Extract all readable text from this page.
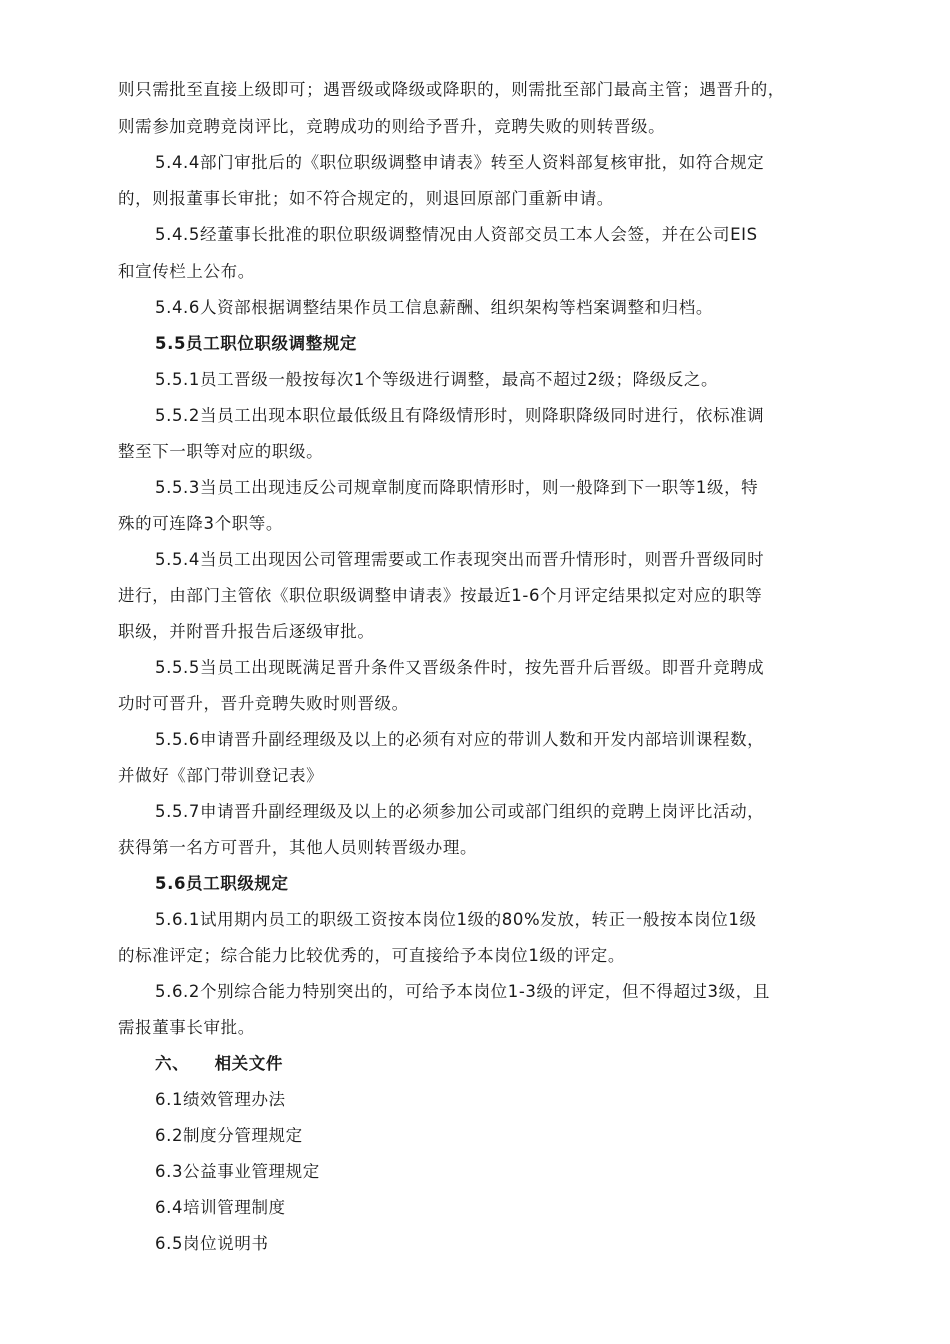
则只需批至直接上级即可；遇晋级或降级或降职的，则需批至部门最高主管；遇晋升的，
则需参加竞聘竞岗评比，竞聘成功的则给予晋升，竞聘失败的则转晋级。
5.4.4部门审批后的《职位职级调整申请表》转至人资料部复核审批，如符合规定
的，则报董事长审批；如不符合规定的，则退回原部门重新申请。
5.4.5经董事长批准的职位职级调整情况由人资部交员工本人会签，并在公司EIS
和宣传栏上公布。
5.4.6人资部根据调整结果作员工信息薪酬、组织架构等档案调整和归档。
5.5员工职位职级调整规定
5.5.1员工晋级一般按每次1个等级进行调整，最高不超过2级；降级反之。
5.5.2当员工出现本职位最低级且有降级情形时，则降职降级同时进行，依标准调
整至下一职等对应的职级。
5.5.3当员工出现违反公司规章制度而降职情形时，则一般降到下一职等1级，特
殊的可连降3个职等。
5.5.4当员工出现因公司管理需要或工作表现突出而晋升情形时，则晋升晋级同时
进行，由部门主管依《职位职级调整申请表》按最近1-6个月评定结果拟定对应的职等
职级，并附晋升报告后逐级审批。
5.5.5当员工出现既满足晋升条件又晋级条件时，按先晋升后晋级。即晋升竞聘成
功时可晋升，晋升竞聘失败时则晋级。
5.5.6申请晋升副经理级及以上的必须有对应的带训人数和开发内部培训课程数，
并做好《部门带训登记表》
5.5.7申请晋升副经理级及以上的必须参加公司或部门组织的竞聘上岗评比活动，
获得第一名方可晋升，其他人员则转晋级办理。
5.6员工职级规定
5.6.1试用期内员工的职级工资按本岗位1级的80%发放，转正一般按本岗位1级
的标准评定；综合能力比较优秀的，可直接给予本岗位1级的评定。
5.6.2个别综合能力特别突出的，可给予本岗位1-3级的评定，但不得超过3级，且
需报董事长审批。
六、    相关文件
6.1绩效管理办法
6.2制度分管理规定
6.3公益事业管理规定
6.4培训管理制度
6.5岗位说明书
